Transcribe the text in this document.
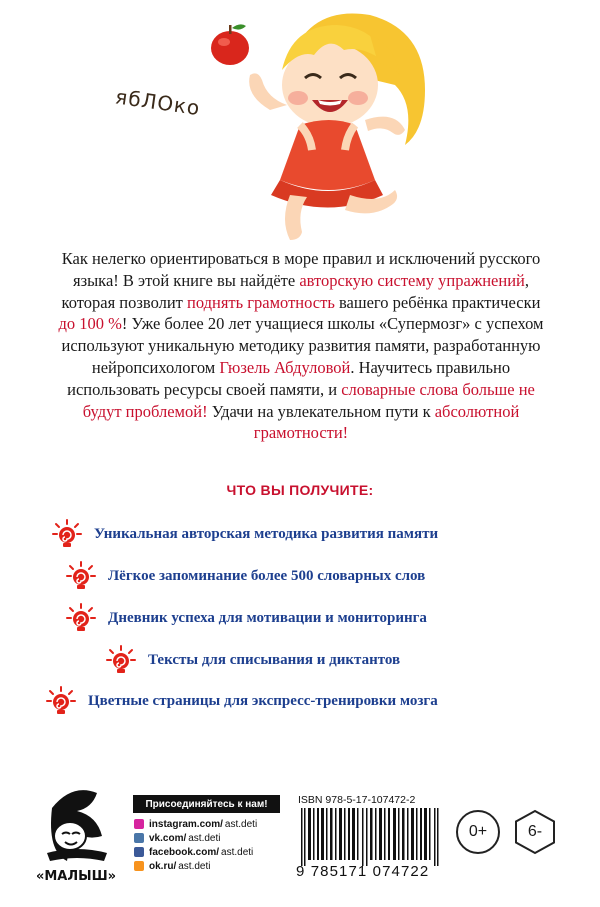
ябЛОко
Как нелегко ориентироваться в море правил и исключений русского языка! В этой книге вы найдёте авторскую систему упражнений, которая позволит поднять грамотность вашего ребёнка практически до 100 %! Уже более 20 лет учащиеся школы «Супермозг» с успехом используют уникальную методику развития памяти, разработанную нейропсихологом Гюзель Абдуловой. Научитесь правильно использовать ресурсы своей памяти, и словарные слова больше не будут проблемой! Удачи на увлекательном пути к абсолютной грамотности!
ЧТО ВЫ ПОЛУЧИТЕ:
Уникальная авторская методика развития памяти
Лёгкое запоминание более 500 словарных слов
Дневник успеха для мотивации и мониторинга
Тексты для списывания и диктантов
Цветные страницы для экспресс-тренировки мозга
«МАЛЫШ»
Присоединяйтесь к нам!
instagram.com/ ast.deti
vk.com/ ast.deti
facebook.com/ ast.deti
ok.ru/ ast.deti
ISBN 978-5-17-107472-2
9 785171 074722
0+	6-
